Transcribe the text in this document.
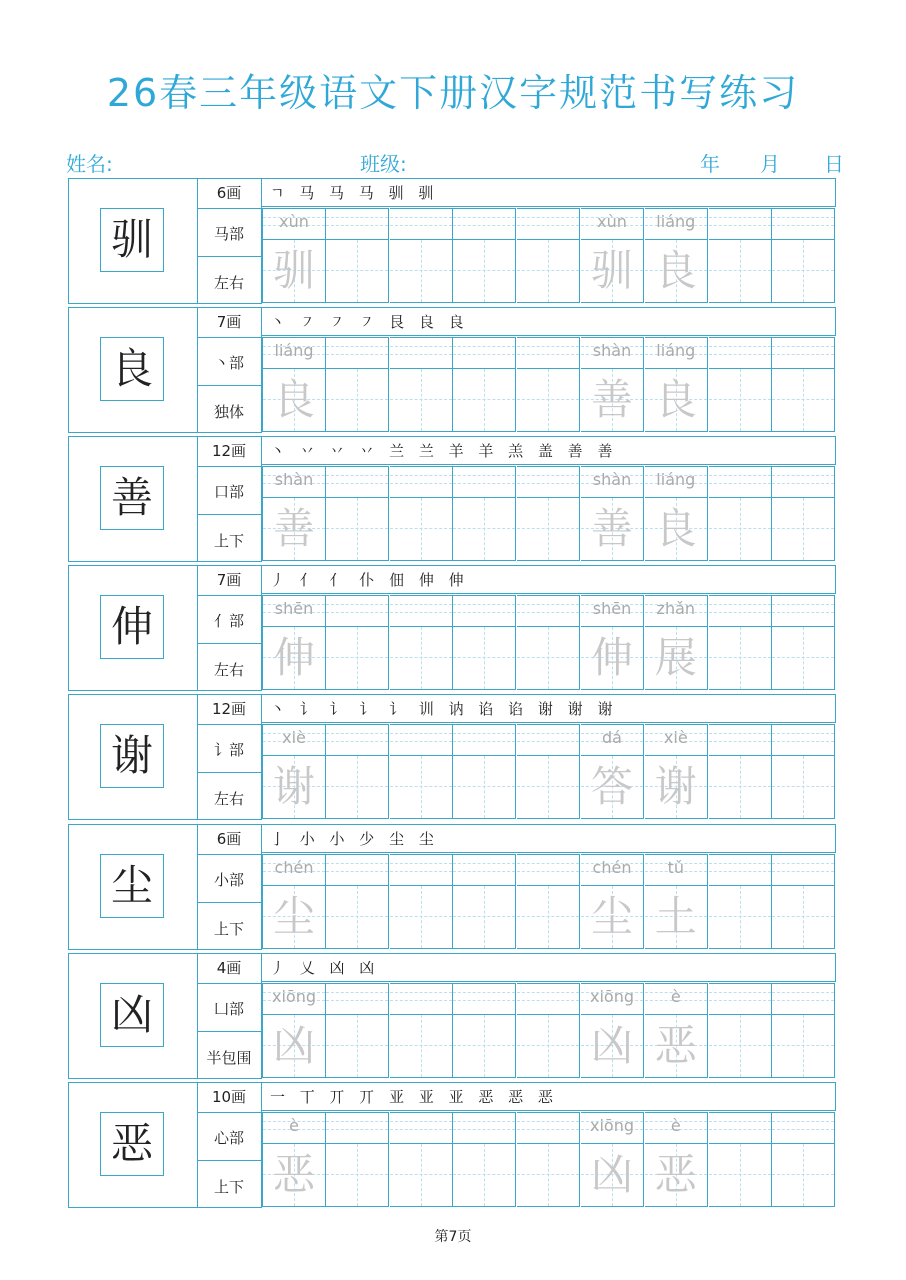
26春三年级语文下册汉字规范书写练习
姓名:	班级:	年 月 日
驯
6画
马部
左右
ㄱ 马 马 马 驯 驯
xùn
驯
xùn
驯
liáng
良
良
7画
丶部
独体
丶 ㇇ ㇇ ㇇ 艮 良 良
liáng
良
shàn
善
liáng
良
善
12画
口部
上下
丶 丷 丷 丷 兰 兰 羊 羊 羔 盖 善 善
shàn
善
shàn
善
liáng
良
伸
7画
亻部
左右
丿 亻 亻 仆 佃 伸 伸
shēn
伸
shēn
伸
zhǎn
展
谢
12画
讠部
左右
丶 讠 讠 讠 讠 训 讷 谄 谄 谢 谢 谢
xiè
谢
dá
答
xiè
谢
尘
6画
小部
上下
亅 小 小 少 尘 尘
chén
尘
chén
尘
tǔ
土
凶
4画
凵部
半包围
丿 乂 凶 凶
xiōng
凶
xiōng
凶
è
恶
恶
10画
心部
上下
一 丅 丌 丌 亚 亚 亚 恶 恶 恶
è
恶
xiōng
凶
è
恶
第7页
